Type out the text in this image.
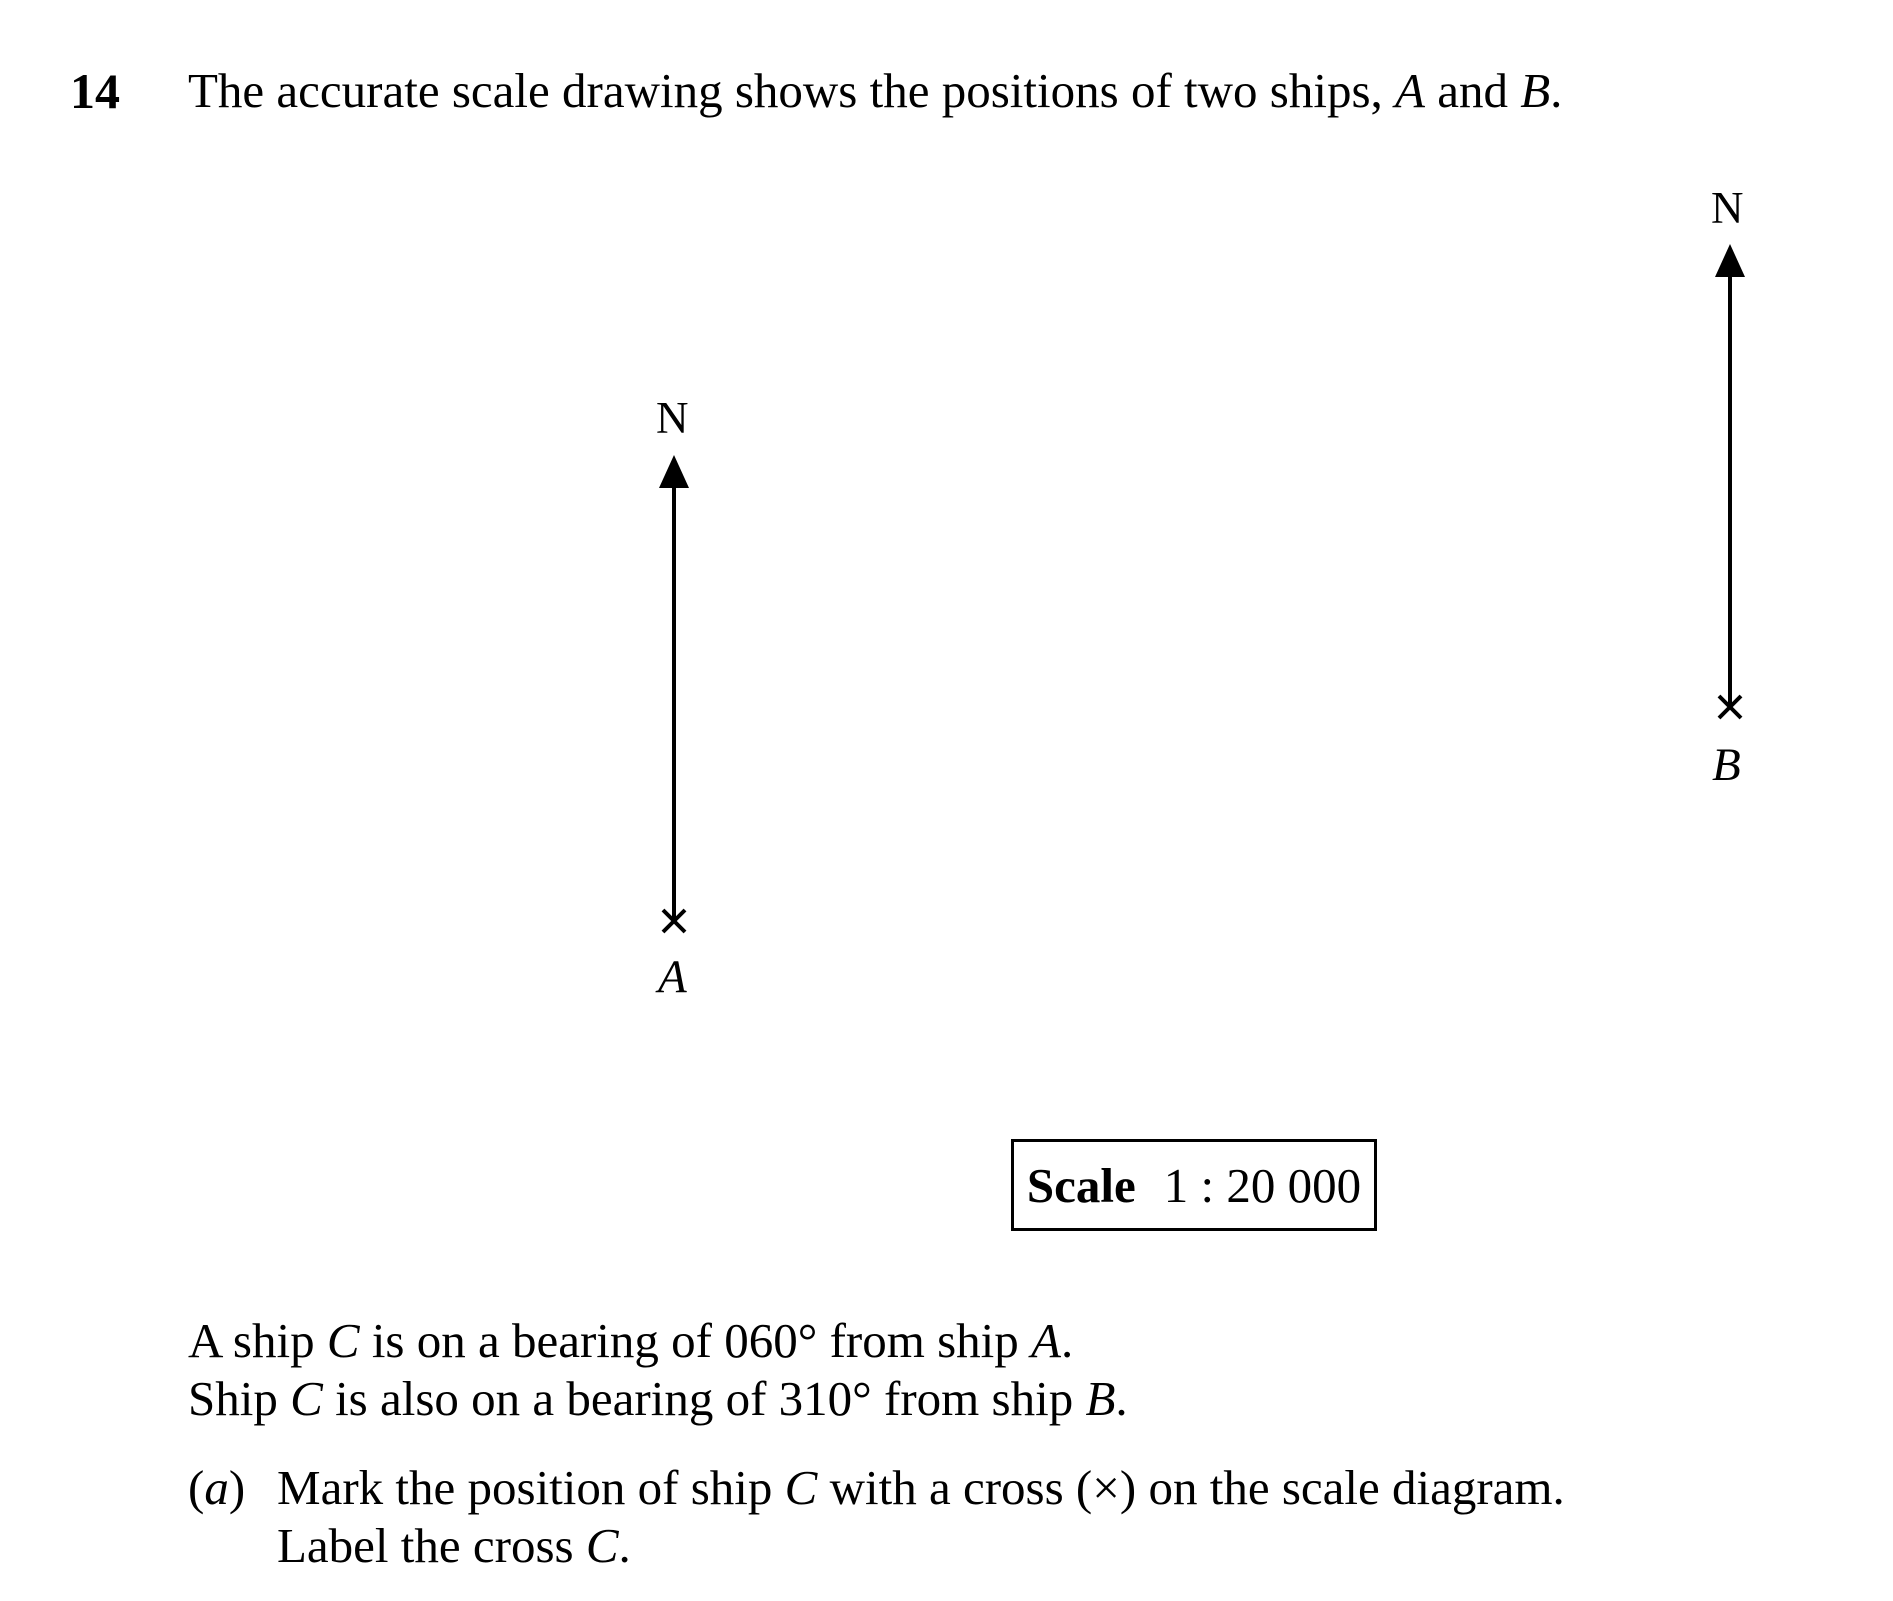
14 The accurate scale drawing shows the positions of two ships, A and B.
N
A
N
B
Scale 1 : 20 000
A ship C is on a bearing of 060° from ship A.
Ship C is also on a bearing of 310° from ship B.
(a) Mark the position of ship C with a cross (×) on the scale diagram.
Label the cross C.
